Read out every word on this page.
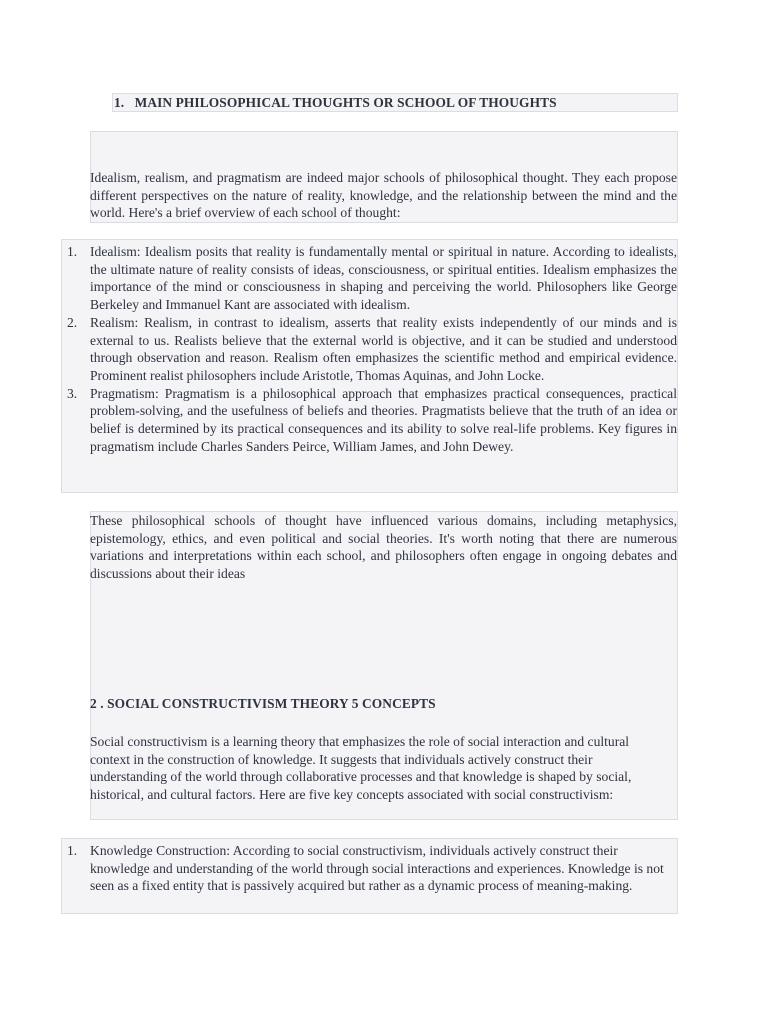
1. MAIN PHILOSOPHICAL THOUGHTS OR SCHOOL OF THOUGHTS

Idealism, realism, and pragmatism are indeed major schools of philosophical thought. They each propose different perspectives on the nature of reality, knowledge, and the relationship between the mind and the world. Here's a brief overview of each school of thought:

1. Idealism: Idealism posits that reality is fundamentally mental or spiritual in nature. According to idealists, the ultimate nature of reality consists of ideas, consciousness, or spiritual entities. Idealism emphasizes the importance of the mind or consciousness in shaping and perceiving the world. Philosophers like George Berkeley and Immanuel Kant are associated with idealism.
2. Realism: Realism, in contrast to idealism, asserts that reality exists independently of our minds and is external to us. Realists believe that the external world is objective, and it can be studied and understood through observation and reason. Realism often emphasizes the scientific method and empirical evidence. Prominent realist philosophers include Aristotle, Thomas Aquinas, and John Locke.
3. Pragmatism: Pragmatism is a philosophical approach that emphasizes practical consequences, practical problem-solving, and the usefulness of beliefs and theories. Pragmatists believe that the truth of an idea or belief is determined by its practical consequences and its ability to solve real-life problems. Key figures in pragmatism include Charles Sanders Peirce, William James, and John Dewey.

These philosophical schools of thought have influenced various domains, including metaphysics, epistemology, ethics, and even political and social theories. It's worth noting that there are numerous variations and interpretations within each school, and philosophers often engage in ongoing debates and discussions about their ideas

2 . SOCIAL CONSTRUCTIVISM THEORY 5 CONCEPTS

Social constructivism is a learning theory that emphasizes the role of social interaction and cultural context in the construction of knowledge. It suggests that individuals actively construct their understanding of the world through collaborative processes and that knowledge is shaped by social, historical, and cultural factors. Here are five key concepts associated with social constructivism:

1. Knowledge Construction: According to social constructivism, individuals actively construct their knowledge and understanding of the world through social interactions and experiences. Knowledge is not seen as a fixed entity that is passively acquired but rather as a dynamic process of meaning-making.
